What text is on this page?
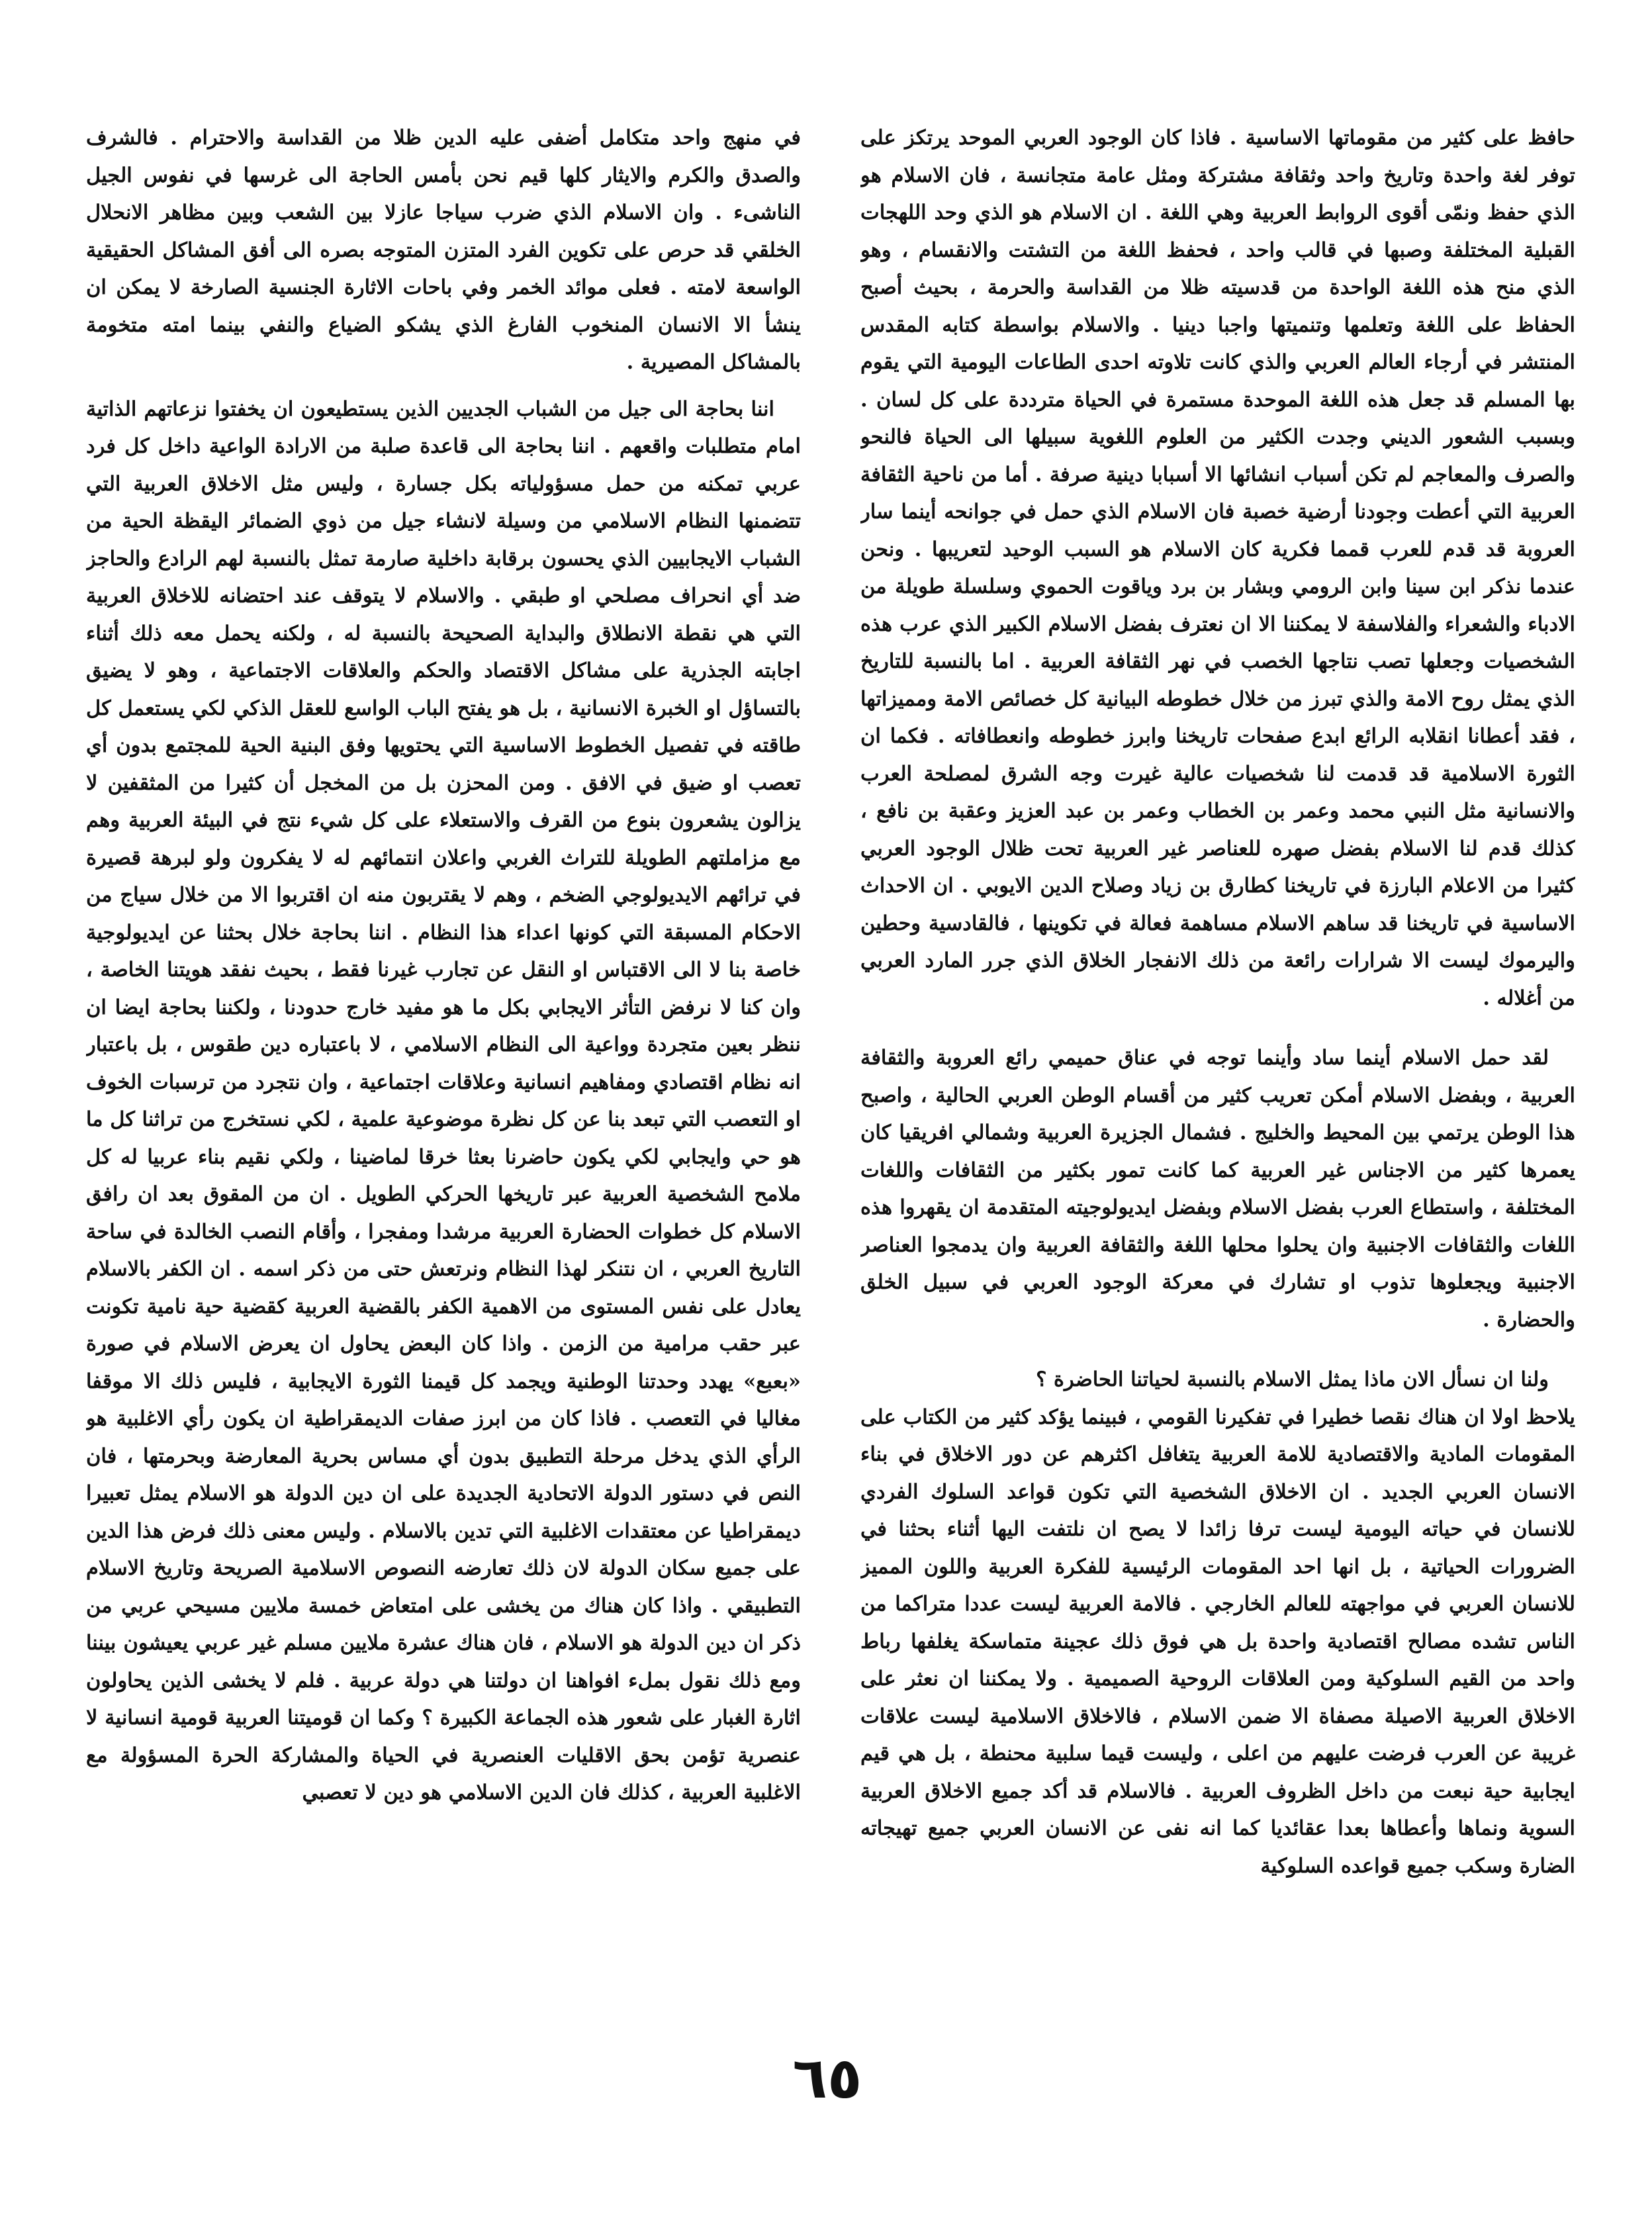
حافظ على كثير من مقوماتها الاساسية . فاذا كان الوجود العربي الموحد يرتكز على توفر لغة واحدة وتاريخ واحد وثقافة مشتركة ومثل عامة متجانسة ، فان الاسلام هو الذي حفظ ونمّى أقوى الروابط العربية وهي اللغة . ان الاسلام هو الذي وحد اللهجات القبلية المختلفة وصبها في قالب واحد ، فحفظ اللغة من التشتت والانقسام ، وهو الذي منح هذه اللغة الواحدة من قدسيته ظلا من القداسة والحرمة ، بحيث أصبح الحفاظ على اللغة وتعلمها وتنميتها واجبا دينيا . والاسلام بواسطة كتابه المقدس المنتشر في أرجاء العالم العربي والذي كانت تلاوته احدى الطاعات اليومية التي يقوم بها المسلم قد جعل هذه اللغة الموحدة مستمرة في الحياة مترددة على كل لسان . وبسبب الشعور الديني وجدت الكثير من العلوم اللغوية سبيلها الى الحياة فالنحو والصرف والمعاجم لم تكن أسباب انشائها الا أسبابا دينية صرفة . أما من ناحية الثقافة العربية التي أعطت وجودنا أرضية خصبة فان الاسلام الذي حمل في جوانحه أينما سار العروبة قد قدم للعرب قمما فكرية كان الاسلام هو السبب الوحيد لتعريبها . ونحن عندما نذكر ابن سينا وابن الرومي وبشار بن برد وياقوت الحموي وسلسلة طويلة من الادباء والشعراء والفلاسفة لا يمكننا الا ان نعترف بفضل الاسلام الكبير الذي عرب هذه الشخصيات وجعلها تصب نتاجها الخصب في نهر الثقافة العربية . اما بالنسبة للتاريخ الذي يمثل روح الامة والذي تبرز من خلال خطوطه البيانية كل خصائص الامة ومميزاتها ، فقد أعطانا انقلابه الرائع ابدع صفحات تاريخنا وابرز خطوطه وانعطافاته . فكما ان الثورة الاسلامية قد قدمت لنا شخصيات عالية غيرت وجه الشرق لمصلحة العرب والانسانية مثل النبي محمد وعمر بن الخطاب وعمر بن عبد العزيز وعقبة بن نافع ، كذلك قدم لنا الاسلام بفضل صهره للعناصر غير العربية تحت ظلال الوجود العربي كثيرا من الاعلام البارزة في تاريخنا كطارق بن زياد وصلاح الدين الايوبي . ان الاحداث الاساسية في تاريخنا قد ساهم الاسلام مساهمة فعالة في تكوينها ، فالقادسية وحطين واليرموك ليست الا شرارات رائعة من ذلك الانفجار الخلاق الذي جرر المارد العربي من أغلاله .

لقد حمل الاسلام أينما ساد وأينما توجه في عناق حميمي رائع العروبة والثقافة العربية ، وبفضل الاسلام أمكن تعريب كثير من أقسام الوطن العربي الحالية ، واصبح هذا الوطن يرتمي بين المحيط والخليج . فشمال الجزيرة العربية وشمالي افريقيا كان يعمرها كثير من الاجناس غير العربية كما كانت تمور بكثير من الثقافات واللغات المختلفة ، واستطاع العرب بفضل الاسلام وبفضل ايديولوجيته المتقدمة ان يقهروا هذه اللغات والثقافات الاجنبية وان يحلوا محلها اللغة والثقافة العربية وان يدمجوا العناصر الاجنبية ويجعلوها تذوب او تشارك في معركة الوجود العربي في سبيل الخلق والحضارة .

ولنا ان نسأل الان ماذا يمثل الاسلام بالنسبة لحياتنا الحاضرة ؟

يلاحظ اولا ان هناك نقصا خطيرا في تفكيرنا القومي ، فبينما يؤكد كثير من الكتاب على المقومات المادية والاقتصادية للامة العربية يتغافل اكثرهم عن دور الاخلاق في بناء الانسان العربي الجديد . ان الاخلاق الشخصية التي تكون قواعد السلوك الفردي للانسان في حياته اليومية ليست ترفا زائدا لا يصح ان نلتفت اليها أثناء بحثنا في الضرورات الحياتية ، بل انها احد المقومات الرئيسية للفكرة العربية واللون المميز للانسان العربي في مواجهته للعالم الخارجي . فالامة العربية ليست عددا متراكما من الناس تشده مصالح اقتصادية واحدة بل هي فوق ذلك عجينة متماسكة يغلفها رباط واحد من القيم السلوكية ومن العلاقات الروحية الصميمية . ولا يمكننا ان نعثر على الاخلاق العربية الاصيلة مصفاة الا ضمن الاسلام ، فالاخلاق الاسلامية ليست علاقات غريبة عن العرب فرضت عليهم من اعلى ، وليست قيما سلبية محنطة ، بل هي قيم ايجابية حية نبعت من داخل الظروف العربية . فالاسلام قد أكد جميع الاخلاق العربية السوية ونماها وأعطاها بعدا عقائديا كما انه نفى عن الانسان العربي جميع تهيجاته الضارة وسكب جميع قواعده السلوكية

في منهج واحد متكامل أضفى عليه الدين ظلا من القداسة والاحترام . فالشرف والصدق والكرم والايثار كلها قيم نحن بأمس الحاجة الى غرسها في نفوس الجيل الناشىء . وان الاسلام الذي ضرب سياجا عازلا بين الشعب وبين مظاهر الانحلال الخلقي قد حرص على تكوين الفرد المتزن المتوجه بصره الى أفق المشاكل الحقيقية الواسعة لامته . فعلى موائد الخمر وفي باحات الاثارة الجنسية الصارخة لا يمكن ان ينشأ الا الانسان المنخوب الفارغ الذي يشكو الضياع والنفي بينما امته متخومة بالمشاكل المصيرية .

اننا بحاجة الى جيل من الشباب الجديين الذين يستطيعون ان يخفتوا نزعاتهم الذاتية امام متطلبات واقعهم . اننا بحاجة الى قاعدة صلبة من الارادة الواعية داخل كل فرد عربي تمكنه من حمل مسؤولياته بكل جسارة ، وليس مثل الاخلاق العربية التي تتضمنها النظام الاسلامي من وسيلة لانشاء جيل من ذوي الضمائر اليقظة الحية من الشباب الايجابيين الذي يحسون برقابة داخلية صارمة تمثل بالنسبة لهم الرادع والحاجز ضد أي انحراف مصلحي او طبقي . والاسلام لا يتوقف عند احتضانه للاخلاق العربية التي هي نقطة الانطلاق والبداية الصحيحة بالنسبة له ، ولكنه يحمل معه ذلك أثناء اجابته الجذرية على مشاكل الاقتصاد والحكم والعلاقات الاجتماعية ، وهو لا يضيق بالتساؤل او الخبرة الانسانية ، بل هو يفتح الباب الواسع للعقل الذكي لكي يستعمل كل طاقته في تفصيل الخطوط الاساسية التي يحتويها وفق البنية الحية للمجتمع بدون أي تعصب او ضيق في الافق . ومن المحزن بل من المخجل أن كثيرا من المثقفين لا يزالون يشعرون بنوع من القرف والاستعلاء على كل شيء نتج في البيئة العربية وهم مع مزاملتهم الطويلة للتراث الغربي واعلان انتمائهم له لا يفكرون ولو لبرهة قصيرة في ترائهم الايديولوجي الضخم ، وهم لا يقتربون منه ان اقتربوا الا من خلال سياج من الاحكام المسبقة التي كونها اعداء هذا النظام . اننا بحاجة خلال بحثنا عن ايديولوجية خاصة بنا لا الى الاقتباس او النقل عن تجارب غيرنا فقط ، بحيث نفقد هويتنا الخاصة ، وان كنا لا نرفض التأثر الايجابي بكل ما هو مفيد خارج حدودنا ، ولكننا بحاجة ايضا ان ننظر بعين متجردة وواعية الى النظام الاسلامي ، لا باعتباره دين طقوس ، بل باعتبار انه نظام اقتصادي ومفاهيم انسانية وعلاقات اجتماعية ، وان نتجرد من ترسبات الخوف او التعصب التي تبعد بنا عن كل نظرة موضوعية علمية ، لكي نستخرج من تراثنا كل ما هو حي وايجابي لكي يكون حاضرنا بعثا خرقا لماضينا ، ولكي نقيم بناء عربيا له كل ملامح الشخصية العربية عبر تاريخها الحركي الطويل . ان من المقوق بعد ان رافق الاسلام كل خطوات الحضارة العربية مرشدا ومفجرا ، وأقام النصب الخالدة في ساحة التاريخ العربي ، ان نتنكر لهذا النظام ونرتعش حتى من ذكر اسمه . ان الكفر بالاسلام يعادل على نفس المستوى من الاهمية الكفر بالقضية العربية كقضية حية نامية تكونت عبر حقب مرامية من الزمن . واذا كان البعض يحاول ان يعرض الاسلام في صورة «بعبع» يهدد وحدتنا الوطنية ويجمد كل قيمنا الثورة الايجابية ، فليس ذلك الا موقفا مغاليا في التعصب . فاذا كان من ابرز صفات الديمقراطية ان يكون رأي الاغلبية هو الرأي الذي يدخل مرحلة التطبيق بدون أي مساس بحرية المعارضة وبحرمتها ، فان النص في دستور الدولة الاتحادية الجديدة على ان دين الدولة هو الاسلام يمثل تعبيرا ديمقراطيا عن معتقدات الاغلبية التي تدين بالاسلام . وليس معنى ذلك فرض هذا الدين على جميع سكان الدولة لان ذلك تعارضه النصوص الاسلامية الصريحة وتاريخ الاسلام التطبيقي . واذا كان هناك من يخشى على امتعاض خمسة ملايين مسيحي عربي من ذكر ان دين الدولة هو الاسلام ، فان هناك عشرة ملايين مسلم غير عربي يعيشون بيننا ومع ذلك نقول بملء افواهنا ان دولتنا هي دولة عربية . فلم لا يخشى الذين يحاولون اثارة الغبار على شعور هذه الجماعة الكبيرة ؟ وكما ان قوميتنا العربية قومية انسانية لا عنصرية تؤمن بحق الاقليات العنصرية في الحياة والمشاركة الحرة المسؤولة مع الاغلبية العربية ، كذلك فان الدين الاسلامي هو دين لا تعصبي

٦٥
